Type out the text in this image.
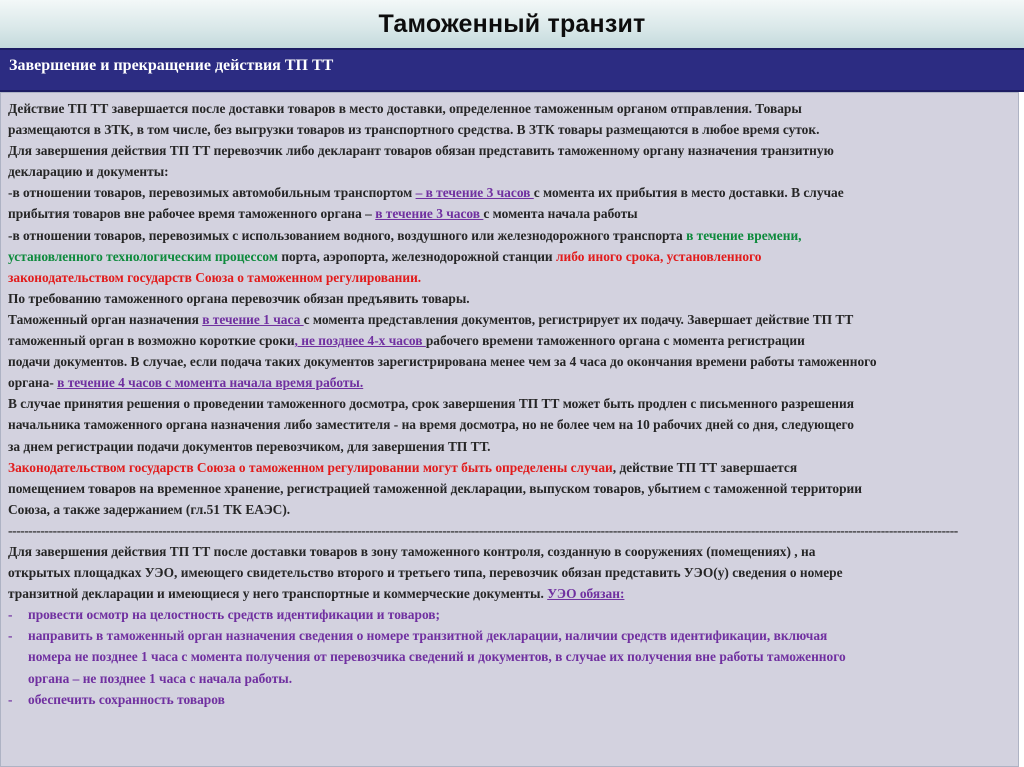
Таможенный транзит
Завершение и прекращение действия ТП ТТ
Действие ТП ТТ завершается после доставки товаров в место доставки, определенное таможенным органом отправления. Товары
размещаются в ЗТК, в том числе, без выгрузки товаров из транспортного средства. В ЗТК товары размещаются в любое время суток.
Для завершения действия ТП ТТ перевозчик либо декларант товаров обязан представить таможенному органу назначения транзитную
декларацию и документы:
-в отношении товаров, перевозимых автомобильным транспортом – в течение 3 часов с момента их прибытия в место доставки. В случае
прибытия товаров вне рабочее время таможенного органа – в течение 3 часов с момента начала работы
-в отношении товаров, перевозимых с использованием водного, воздушного или железнодорожного транспорта в течение времени,
установленного технологическим процессом порта, аэропорта, железнодорожной станции либо иного срока, установленного
законодательством государств Союза о таможенном регулировании.
По требованию таможенного органа перевозчик обязан предъявить товары.
Таможенный орган назначения в течение 1 часа с момента представления документов, регистрирует их подачу. Завершает действие ТП ТТ
таможенный орган в возможно короткие сроки, не позднее 4-х часов рабочего времени таможенного органа с момента регистрации
подачи документов. В случае, если подача таких документов зарегистрирована менее чем за 4 часа до окончания времени работы таможенного
органа- в течение 4 часов с момента начала время работы.
В случае принятия решения о проведении таможенного досмотра, срок завершения ТП ТТ может быть продлен с письменного разрешения
начальника таможенного органа назначения либо заместителя - на время досмотра, но не более чем на 10 рабочих дней со дня, следующего
за днем регистрации подачи документов перевозчиком, для завершения ТП ТТ.
Законодательством государств Союза о таможенном регулировании могут быть определены случаи, действие ТП ТТ завершается
помещением товаров на временное хранение, регистрацией таможенной декларации, выпуском товаров, убытием с таможенной территории
Союза, а также задержанием (гл.51 ТК ЕАЭС).
------------------------------------------------------------------------------------------------------------------------------------------------------------------------------------------------------------------------------------------
Для завершения действия ТП ТТ после доставки товаров в зону таможенного контроля, созданную в сооружениях (помещениях) , на
открытых площадках УЭО, имеющего свидетельство второго и третьего типа, перевозчик обязан представить УЭО(у) сведения о номере
транзитной декларации и имеющиеся у него транспортные и коммерческие документы. УЭО обязан:
- провести осмотр на целостность средств идентификации и товаров;
- направить в таможенный орган назначения сведения о номере транзитной декларации, наличии средств идентификации, включая
номера не позднее 1 часа с момента получения от перевозчика сведений и документов, в случае их получения вне работы таможенного
органа – не позднее 1 часа с начала работы.
- обеспечить сохранность товаров
